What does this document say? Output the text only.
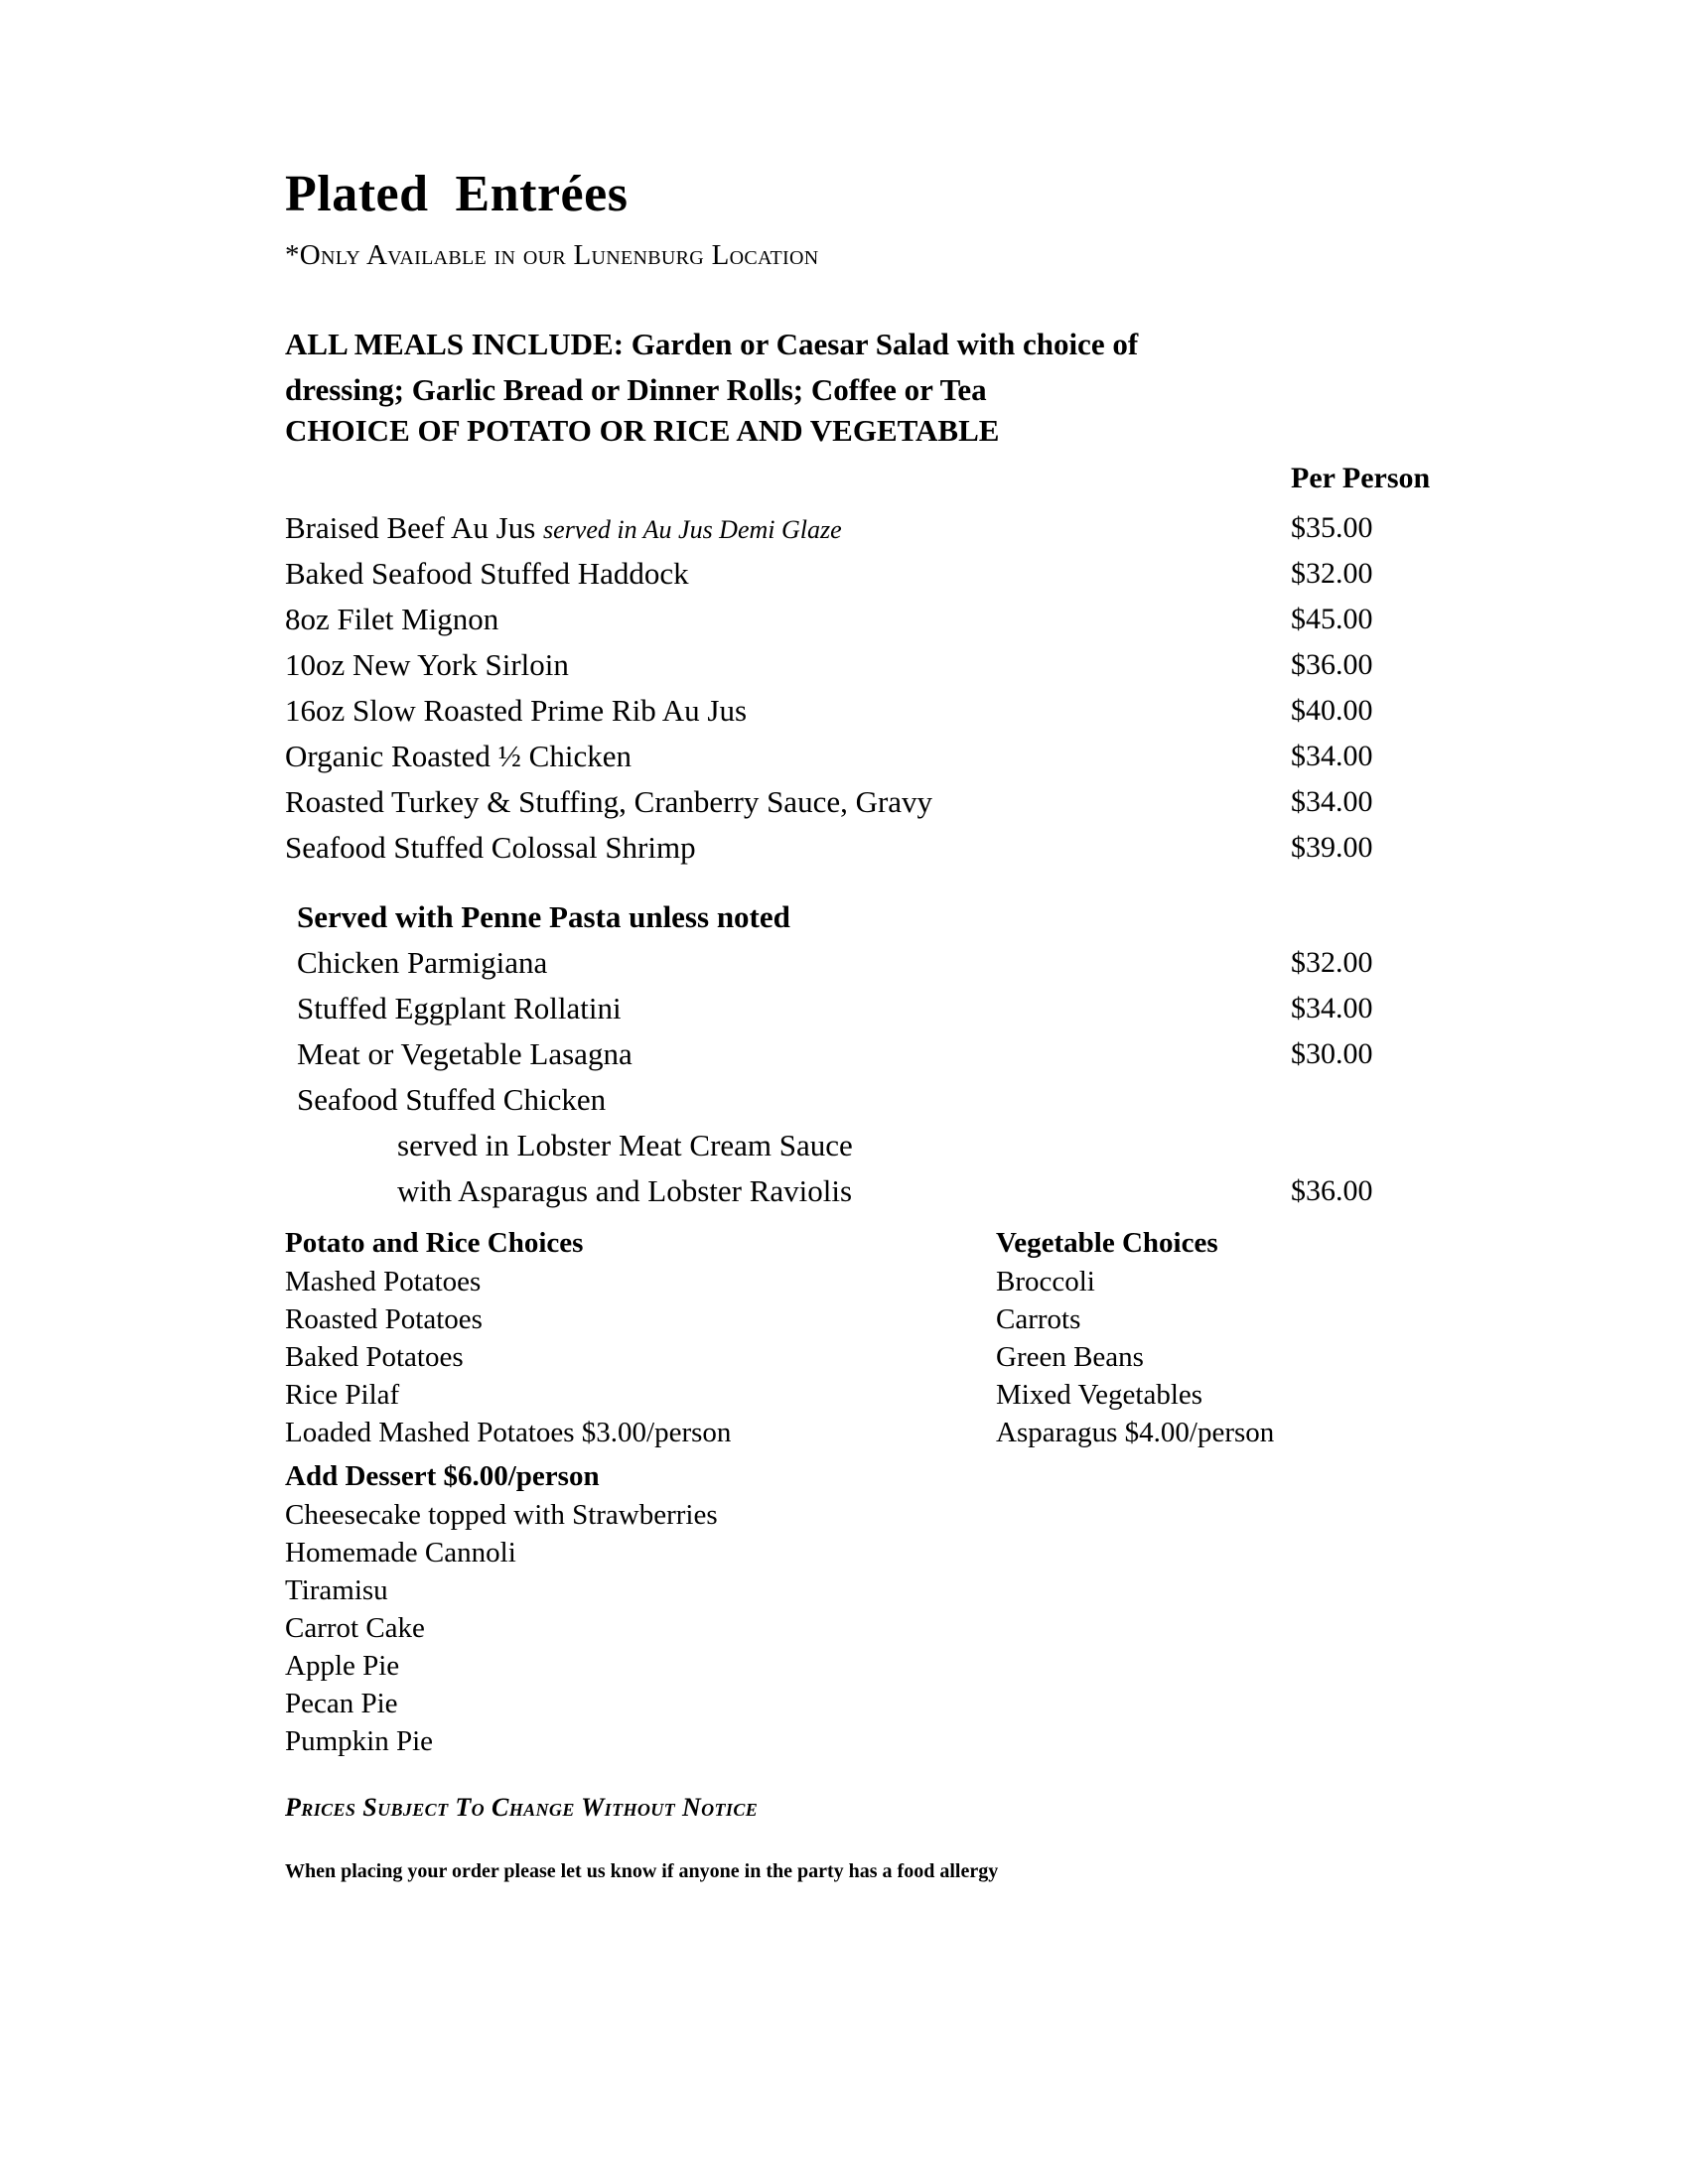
Plated  Entrées
*Only Available in our Lunenburg Location
ALL MEALS INCLUDE: Garden or Caesar Salad with choice of
dressing; Garlic Bread or Dinner Rolls; Coffee or Tea
CHOICE OF POTATO OR RICE AND VEGETABLE
Per Person
Braised Beef Au Jus served in Au Jus Demi Glaze	$35.00
Baked Seafood Stuffed Haddock	$32.00
8oz Filet Mignon	$45.00
10oz New York Sirloin	$36.00
16oz Slow Roasted Prime Rib Au Jus	$40.00
Organic Roasted ½ Chicken	$34.00
Roasted Turkey & Stuffing, Cranberry Sauce, Gravy	$34.00
Seafood Stuffed Colossal Shrimp	$39.00
Served with Penne Pasta unless noted
Chicken Parmigiana	$32.00
Stuffed Eggplant Rollatini	$34.00
Meat or Vegetable Lasagna	$30.00
Seafood Stuffed Chicken
served in Lobster Meat Cream Sauce
with Asparagus and Lobster Raviolis	$36.00
Potato and Rice Choices
Mashed Potatoes
Roasted Potatoes
Baked Potatoes
Rice Pilaf
Loaded Mashed Potatoes $3.00/person
Vegetable Choices
Broccoli
Carrots
Green Beans
Mixed Vegetables
Asparagus $4.00/person
Add Dessert $6.00/person
Cheesecake topped with Strawberries
Homemade Cannoli
Tiramisu
Carrot Cake
Apple Pie
Pecan Pie
Pumpkin Pie
Prices Subject To Change Without Notice
When placing your order please let us know if anyone in the party has a food allergy
